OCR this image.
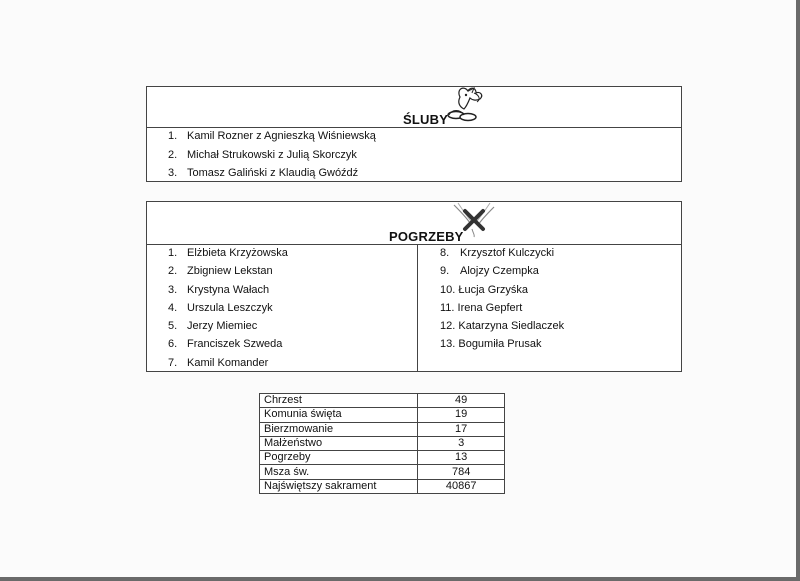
ŚLUBY
1. Kamil Rozner z Agnieszką Wiśniewską
2. Michał Strukowski z Julią Skorczyk
3. Tomasz Galiński z Klaudią Gwóźdź
POGRZEBY
1. Elżbieta Krzyżowska
2. Zbigniew Lekstan
3. Krystyna Wałach
4. Urszula Leszczyk
5. Jerzy Miemiec
6. Franciszek Szweda
7. Kamil Komander
8. Krzysztof Kulczycki
9. Alojzy Czempka
10. Łucja Grzyśka
11. Irena Gepfert
12. Katarzyna Siedlaczek
13. Bogumiła Prusak
Chrzest	49
Komunia święta	19
Bierzmowanie	17
Małżeństwo	3
Pogrzeby	13
Msza św.	784
Najświętszy sakrament	40867
